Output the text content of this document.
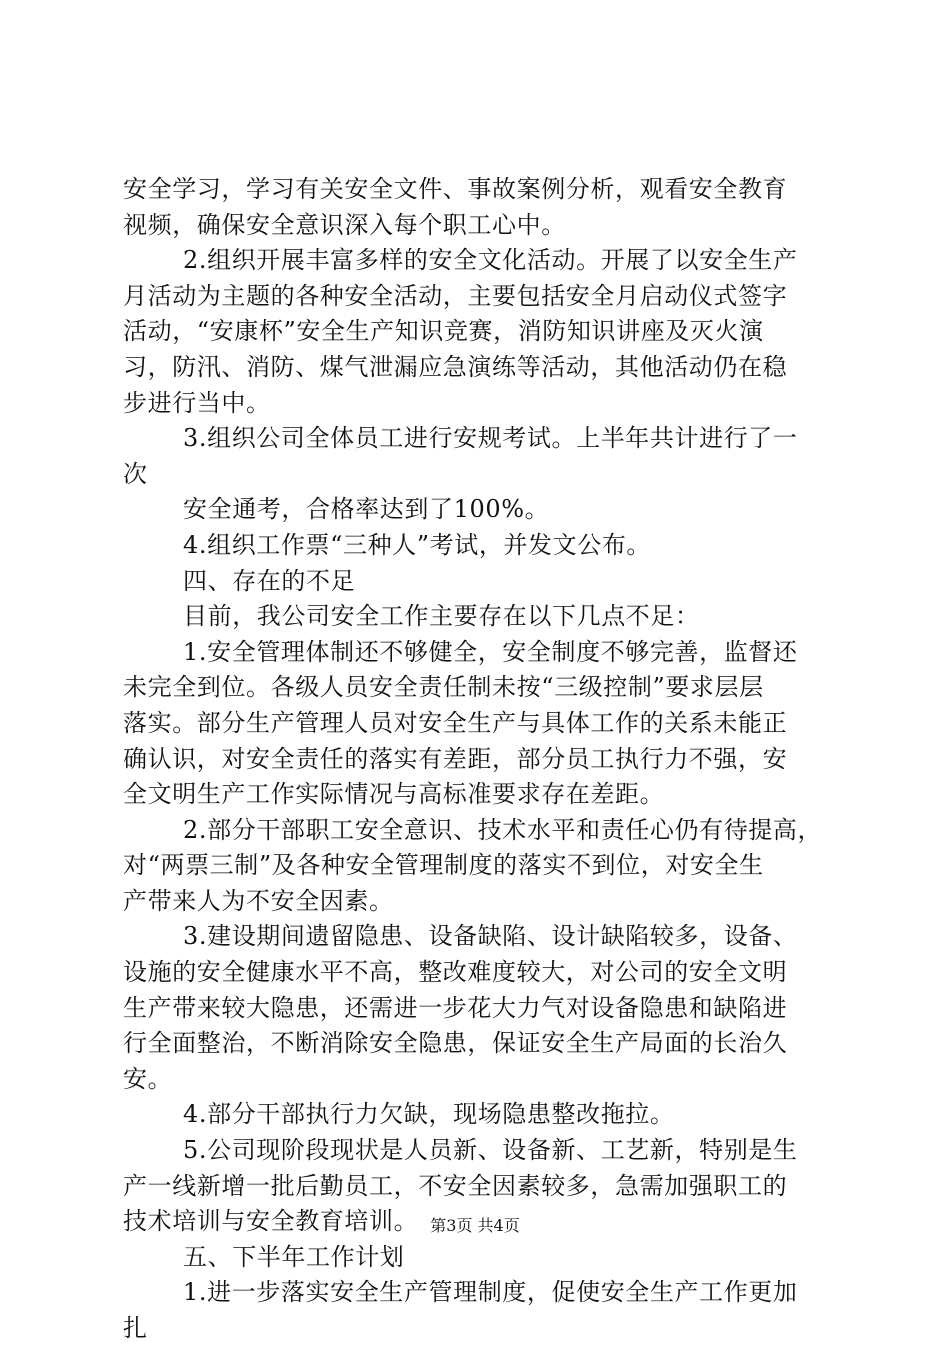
安全学习，学习有关安全文件、事故案例分析，观看安全教育
视频，确保安全意识深入每个职工心中。
2.组织开展丰富多样的安全文化活动。开展了以安全生产
月活动为主题的各种安全活动，主要包括安全月启动仪式签字
活动，“安康杯”安全生产知识竞赛，消防知识讲座及灭火演
习，防汛、消防、煤气泄漏应急演练等活动，其他活动仍在稳
步进行当中。
3.组织公司全体员工进行安规考试。上半年共计进行了一
次
安全通考，合格率达到了100%。
4.组织工作票“三种人”考试，并发文公布。
四、存在的不足
目前，我公司安全工作主要存在以下几点不足：
1.安全管理体制还不够健全，安全制度不够完善，监督还
未完全到位。各级人员安全责任制未按“三级控制”要求层层
落实。部分生产管理人员对安全生产与具体工作的关系未能正
确认识，对安全责任的落实有差距，部分员工执行力不强，安
全文明生产工作实际情况与高标准要求存在差距。
2.部分干部职工安全意识、技术水平和责任心仍有待提高，
对“两票三制”及各种安全管理制度的落实不到位，对安全生
产带来人为不安全因素。
3.建设期间遗留隐患、设备缺陷、设计缺陷较多，设备、
设施的安全健康水平不高，整改难度较大，对公司的安全文明
生产带来较大隐患，还需进一步花大力气对设备隐患和缺陷进
行全面整治，不断消除安全隐患，保证安全生产局面的长治久
安。
4.部分干部执行力欠缺，现场隐患整改拖拉。
5.公司现阶段现状是人员新、设备新、工艺新，特别是生
产一线新增一批后勤员工，不安全因素较多，急需加强职工的
技术培训与安全教育培训。
五、下半年工作计划
1.进一步落实安全生产管理制度，促使安全生产工作更加
扎
第3页 共4页
